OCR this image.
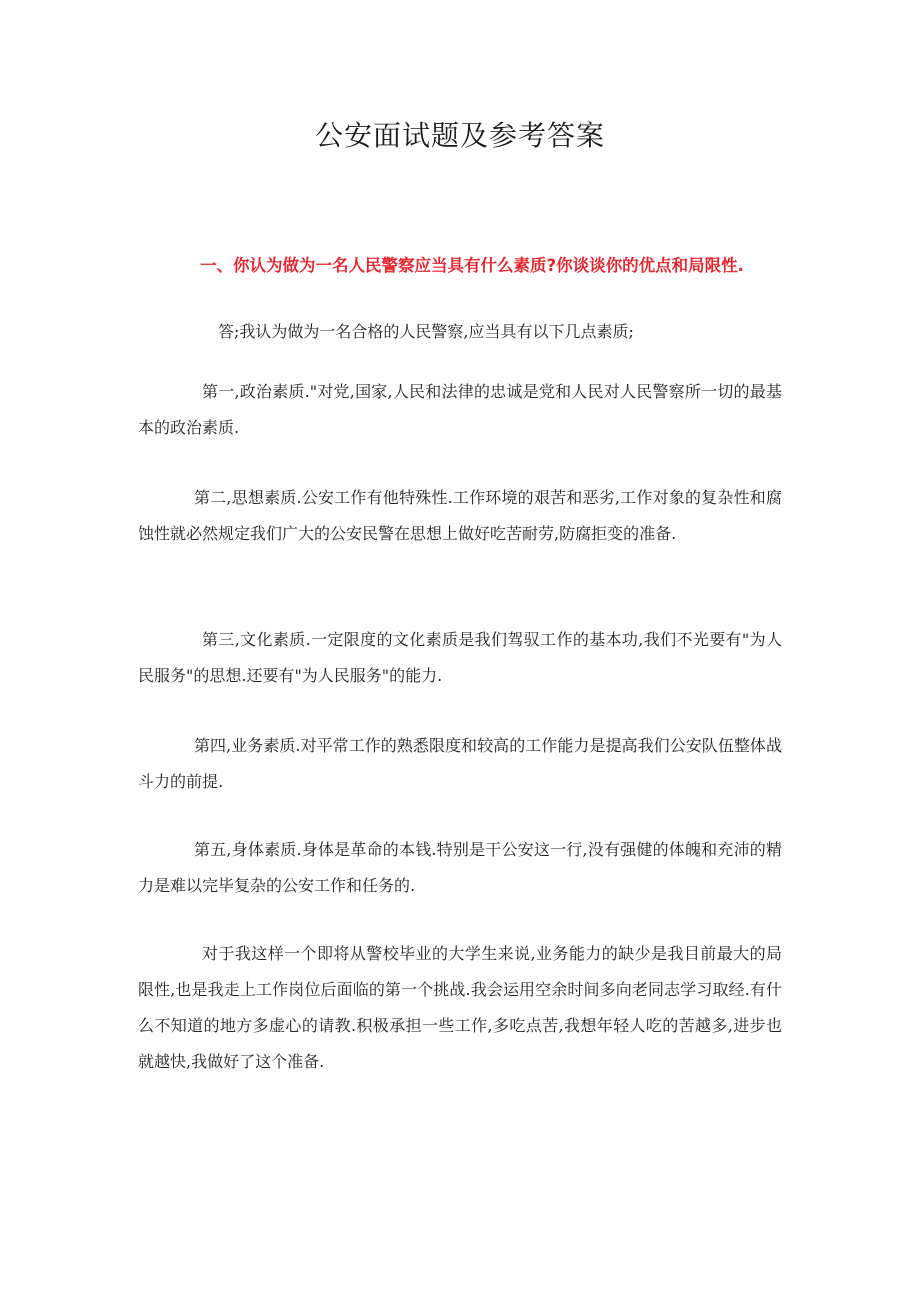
公安面试题及参考答案
一、你认为做为一名人民警察应当具有什么素质?你谈谈你的优点和局限性.
答;我认为做为一名合格的人民警察,应当具有以下几点素质;
第一,政治素质."对党,国家,人民和法律的忠诚是党和人民对人民警察所一切的最基本的政治素质.
第二,思想素质.公安工作有他特殊性.工作环境的艰苦和恶劣,工作对象的复杂性和腐蚀性就必然规定我们广大的公安民警在思想上做好吃苦耐劳,防腐拒变的准备.
第三,文化素质.一定限度的文化素质是我们驾驭工作的基本功,我们不光要有"为人民服务"的思想.还要有"为人民服务"的能力.
第四,业务素质.对平常工作的熟悉限度和较高的工作能力是提高我们公安队伍整体战斗力的前提.
第五,身体素质.身体是革命的本钱.特别是干公安这一行,没有强健的体魄和充沛的精力是难以完毕复杂的公安工作和任务的.
对于我这样一个即将从警校毕业的大学生来说,业务能力的缺少是我目前最大的局限性,也是我走上工作岗位后面临的第一个挑战.我会运用空余时间多向老同志学习取经.有什么不知道的地方多虚心的请教.积极承担一些工作,多吃点苦,我想年轻人吃的苦越多,进步也就越快,我做好了这个准备.
